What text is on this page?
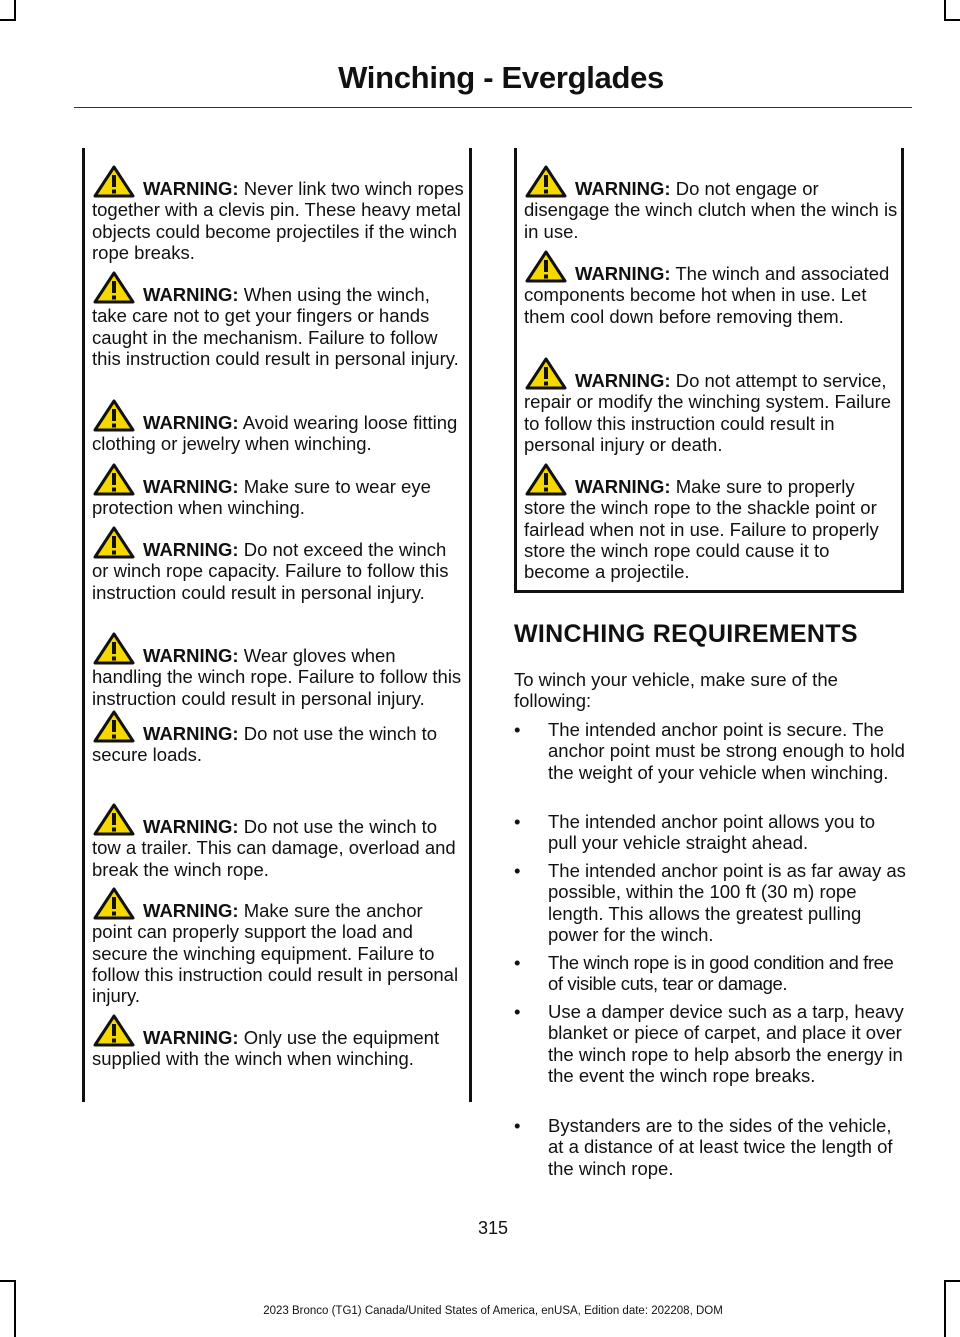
Winching - Everglades

WARNING: Never link two winch ropes together with a clevis pin. These heavy metal objects could become projectiles if the winch rope breaks.

WARNING: When using the winch, take care not to get your fingers or hands caught in the mechanism. Failure to follow this instruction could result in personal injury.

WARNING: Avoid wearing loose fitting clothing or jewelry when winching.

WARNING: Make sure to wear eye protection when winching.

WARNING: Do not exceed the winch or winch rope capacity. Failure to follow this instruction could result in personal injury.

WARNING: Wear gloves when handling the winch rope. Failure to follow this instruction could result in personal injury.

WARNING: Do not use the winch to secure loads.

WARNING: Do not use the winch to tow a trailer. This can damage, overload and break the winch rope.

WARNING: Make sure the anchor point can properly support the load and secure the winching equipment. Failure to follow this instruction could result in personal injury.

WARNING: Only use the equipment supplied with the winch when winching.

WARNING: Do not engage or disengage the winch clutch when the winch is in use.

WARNING: The winch and associated components become hot when in use. Let them cool down before removing them.

WARNING: Do not attempt to service, repair or modify the winching system. Failure to follow this instruction could result in personal injury or death.

WARNING: Make sure to properly store the winch rope to the shackle point or fairlead when not in use. Failure to properly store the winch rope could cause it to become a projectile.

WINCHING REQUIREMENTS
To winch your vehicle, make sure of the following:
• The intended anchor point is secure. The anchor point must be strong enough to hold the weight of your vehicle when winching.
• The intended anchor point allows you to pull your vehicle straight ahead.
• The intended anchor point is as far away as possible, within the 100 ft (30 m) rope length. This allows the greatest pulling power for the winch.
• The winch rope is in good condition and free of visible cuts, tear or damage.
• Use a damper device such as a tarp, heavy blanket or piece of carpet, and place it over the winch rope to help absorb the energy in the event the winch rope breaks.
• Bystanders are to the sides of the vehicle, at a distance of at least twice the length of the winch rope.
315
2023 Bronco (TG1) Canada/United States of America, enUSA, Edition date: 202208, DOM
